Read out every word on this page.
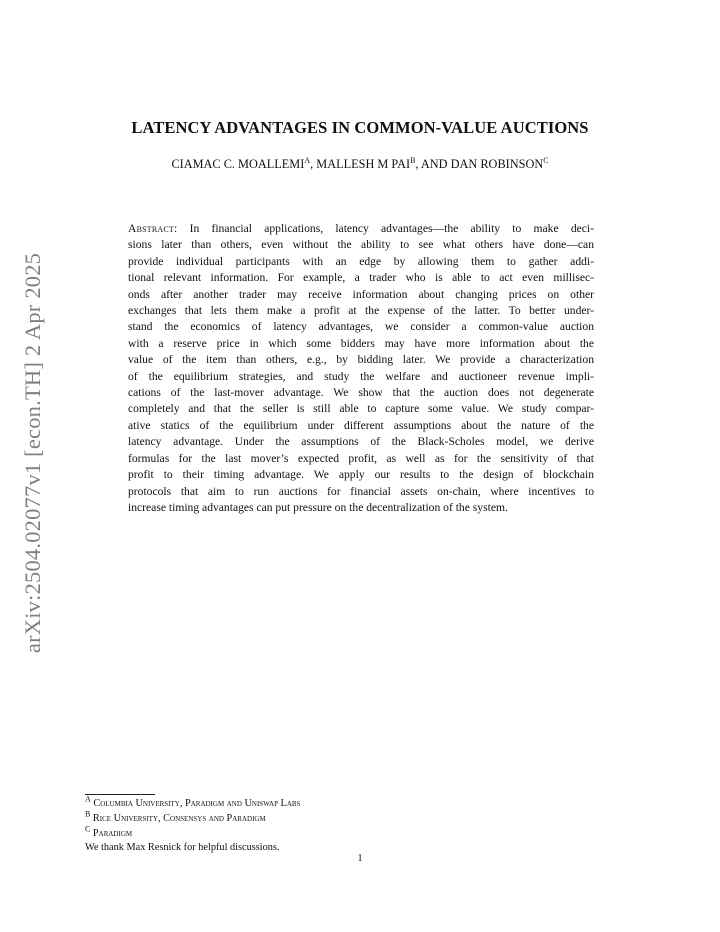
arXiv:2504.02077v1 [econ.TH] 2 Apr 2025
LATENCY ADVANTAGES IN COMMON-VALUE AUCTIONS
CIAMAC C. $MOALLEMI^A$, MALLESH M $PAI^B$, AND DAN $ROBINSON^C$
Abstract: In financial applications, latency advantages—the ability to make deci-
sions later than others, even without the ability to see what others have done—can
provide individual participants with an edge by allowing them to gather addi-
tional relevant information. For example, a trader who is able to act even millisec-
onds after another trader may receive information about changing prices on other
exchanges that lets them make a profit at the expense of the latter. To better under-
stand the economics of latency advantages, we consider a common-value auction
with a reserve price in which some bidders may have more information about the
value of the item than others, e.g., by bidding later. We provide a characterization
of the equilibrium strategies, and study the welfare and auctioneer revenue impli-
cations of the last-mover advantage. We show that the auction does not degenerate
completely and that the seller is still able to capture some value. We study compar-
ative statics of the equilibrium under different assumptions about the nature of the
latency advantage. Under the assumptions of the Black-Scholes model, we derive
formulas for the last mover’s expected profit, as well as for the sensitivity of that
profit to their timing advantage. We apply our results to the design of blockchain
protocols that aim to run auctions for financial assets on-chain, where incentives to
increase timing advantages can put pressure on the decentralization of the system.
$^A$ Columbia University, Paradigm and Uniswap Labs
$^B$ Rice University, Consensys and Paradigm
$^C$ Paradigm
We thank Max Resnick for helpful discussions.
1
